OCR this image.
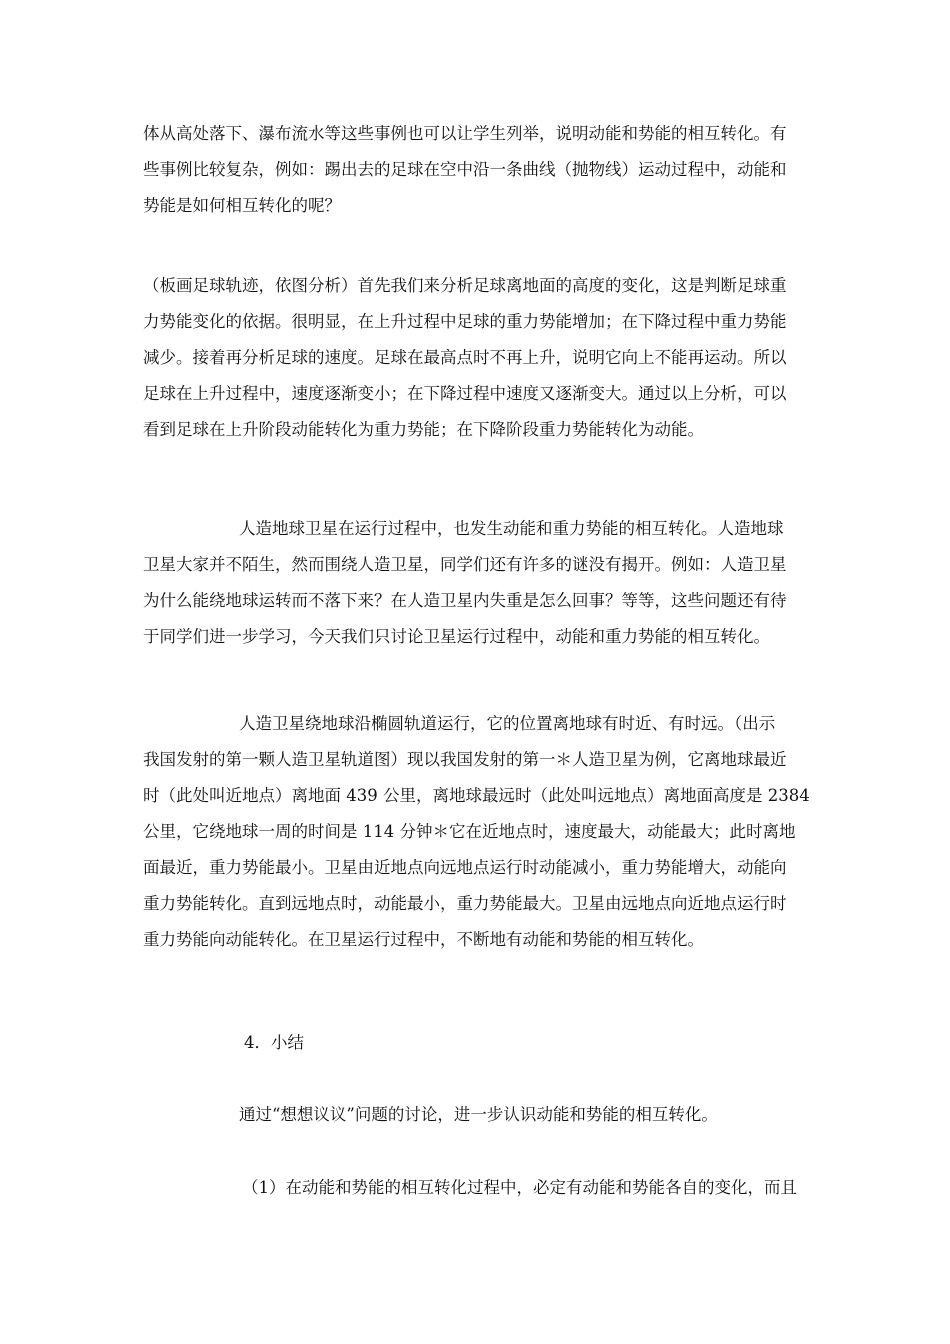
体从高处落下、瀑布流水等这些事例也可以让学生列举，说明动能和势能的相互转化。有
些事例比较复杂，例如：踢出去的足球在空中沿一条曲线（抛物线）运动过程中，动能和
势能是如何相互转化的呢？
（板画足球轨迹，依图分析）首先我们来分析足球离地面的高度的变化，这是判断足球重
力势能变化的依据。很明显，在上升过程中足球的重力势能增加；在下降过程中重力势能
减少。接着再分析足球的速度。足球在最高点时不再上升，说明它向上不能再运动。所以
足球在上升过程中，速度逐渐变小；在下降过程中速度又逐渐变大。通过以上分析，可以
看到足球在上升阶段动能转化为重力势能；在下降阶段重力势能转化为动能。
人造地球卫星在运行过程中，也发生动能和重力势能的相互转化。人造地球
卫星大家并不陌生，然而围绕人造卫星，同学们还有许多的谜没有揭开。例如：人造卫星
为什么能绕地球运转而不落下来？在人造卫星内失重是怎么回事？等等，这些问题还有待
于同学们进一步学习，今天我们只讨论卫星运行过程中，动能和重力势能的相互转化。
人造卫星绕地球沿椭圆轨道运行，它的位置离地球有时近、有时远。（出示
我国发射的第一颗人造卫星轨道图）现以我国发射的第一＊人造卫星为例，它离地球最近
时（此处叫近地点）离地面 439 公里，离地球最远时（此处叫远地点）离地面高度是 2384
公里，它绕地球一周的时间是 114 分钟＊它在近地点时，速度最大，动能最大；此时离地
面最近，重力势能最小。卫星由近地点向远地点运行时动能减小，重力势能增大，动能向
重力势能转化。直到远地点时，动能最小，重力势能最大。卫星由远地点向近地点运行时
重力势能向动能转化。在卫星运行过程中，不断地有动能和势能的相互转化。
4．小结
通过“想想议议”问题的讨论，进一步认识动能和势能的相互转化。
（1）在动能和势能的相互转化过程中，必定有动能和势能各自的变化，而且
